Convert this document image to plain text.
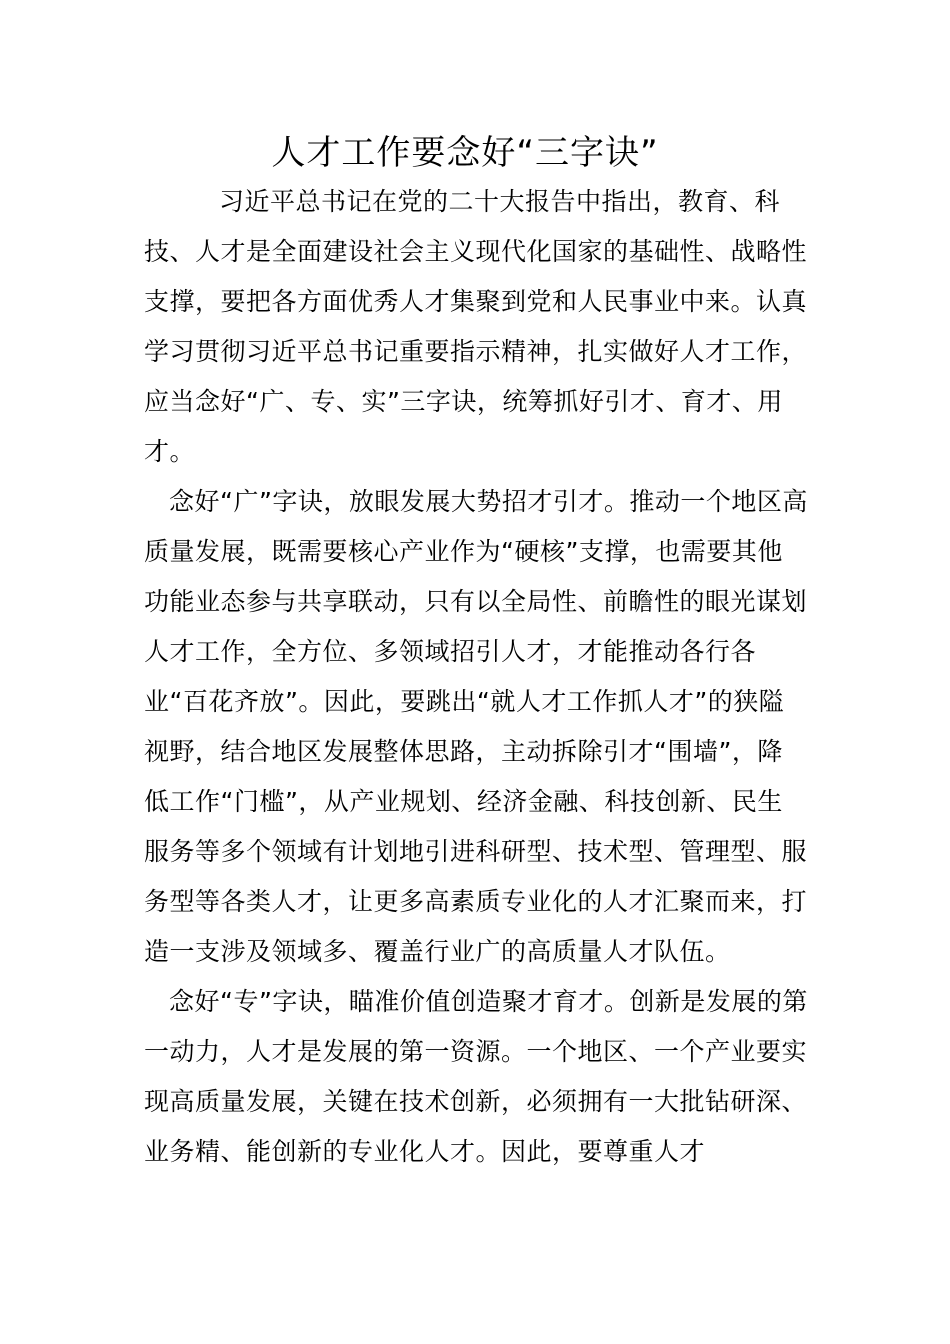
人才工作要念好“三字诀”

习近平总书记在党的二十大报告中指出，教育、科技、人才是全面建设社会主义现代化国家的基础性、战略性支撑，要把各方面优秀人才集聚到党和人民事业中来。认真学习贯彻习近平总书记重要指示精神，扎实做好人才工作，应当念好“广、专、实”三字诀，统筹抓好引才、育才、用才。

念好“广”字诀，放眼发展大势招才引才。推动一个地区高质量发展，既需要核心产业作为“硬核”支撑，也需要其他功能业态参与共享联动，只有以全局性、前瞻性的眼光谋划人才工作，全方位、多领域招引人才，才能推动各行各业“百花齐放”。因此，要跳出“就人才工作抓人才”的狭隘视野，结合地区发展整体思路，主动拆除引才“围墙”，降低工作“门槛”，从产业规划、经济金融、科技创新、民生服务等多个领域有计划地引进科研型、技术型、管理型、服务型等各类人才，让更多高素质专业化的人才汇聚而来，打造一支涉及领域多、覆盖行业广的高质量人才队伍。

念好“专”字诀，瞄准价值创造聚才育才。创新是发展的第一动力，人才是发展的第一资源。一个地区、一个产业要实现高质量发展，关键在技术创新，必须拥有一大批钻研深、业务精、能创新的专业化人才。因此，要尊重人才
